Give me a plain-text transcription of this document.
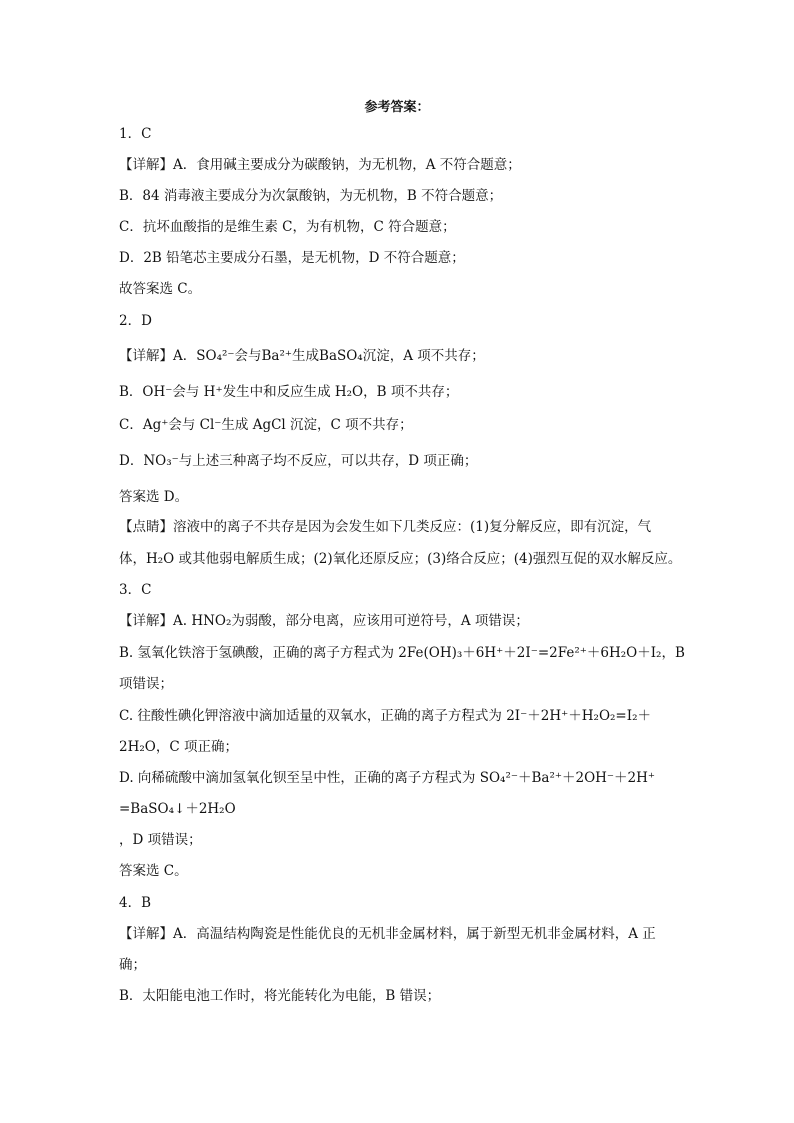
参考答案：
1．C
【详解】A．食用碱主要成分为碳酸钠，为无机物，A 不符合题意；
B．84 消毒液主要成分为次氯酸钠，为无机物，B 不符合题意；
C．抗坏血酸指的是维生素 C，为有机物，C 符合题意；
D．2B 铅笔芯主要成分石墨，是无机物，D 不符合题意；
故答案选 C。
2．D
【详解】A．SO₄²⁻会与Ba²⁺生成BaSO₄沉淀，A 项不共存；
B．OH⁻会与 H⁺发生中和反应生成 H₂O，B 项不共存；
C．Ag⁺会与 Cl⁻生成 AgCl 沉淀，C 项不共存；
D．NO₃⁻与上述三种离子均不反应，可以共存，D 项正确；
答案选 D。
【点睛】溶液中的离子不共存是因为会发生如下几类反应：(1)复分解反应，即有沉淀，气
体，H₂O 或其他弱电解质生成；(2)氧化还原反应；(3)络合反应；(4)强烈互促的双水解反应。
3．C
【详解】A. HNO₂为弱酸，部分电离，应该用可逆符号，A 项错误；
B. 氢氧化铁溶于氢碘酸，正确的离子方程式为 2Fe(OH)₃＋6H⁺＋2I⁻=2Fe²⁺＋6H₂O＋I₂，B
项错误；
C. 往酸性碘化钾溶液中滴加适量的双氧水，正确的离子方程式为 2I⁻＋2H⁺＋H₂O₂=I₂＋
2H₂O，C 项正确；
D. 向稀硫酸中滴加氢氧化钡至呈中性，正确的离子方程式为 SO₄²⁻＋Ba²⁺＋2OH⁻＋2H⁺
=BaSO₄↓＋2H₂O
，D 项错误；
答案选 C。
4．B
【详解】A．高温结构陶瓷是性能优良的无机非金属材料，属于新型无机非金属材料，A 正
确；
B．太阳能电池工作时，将光能转化为电能，B 错误；
